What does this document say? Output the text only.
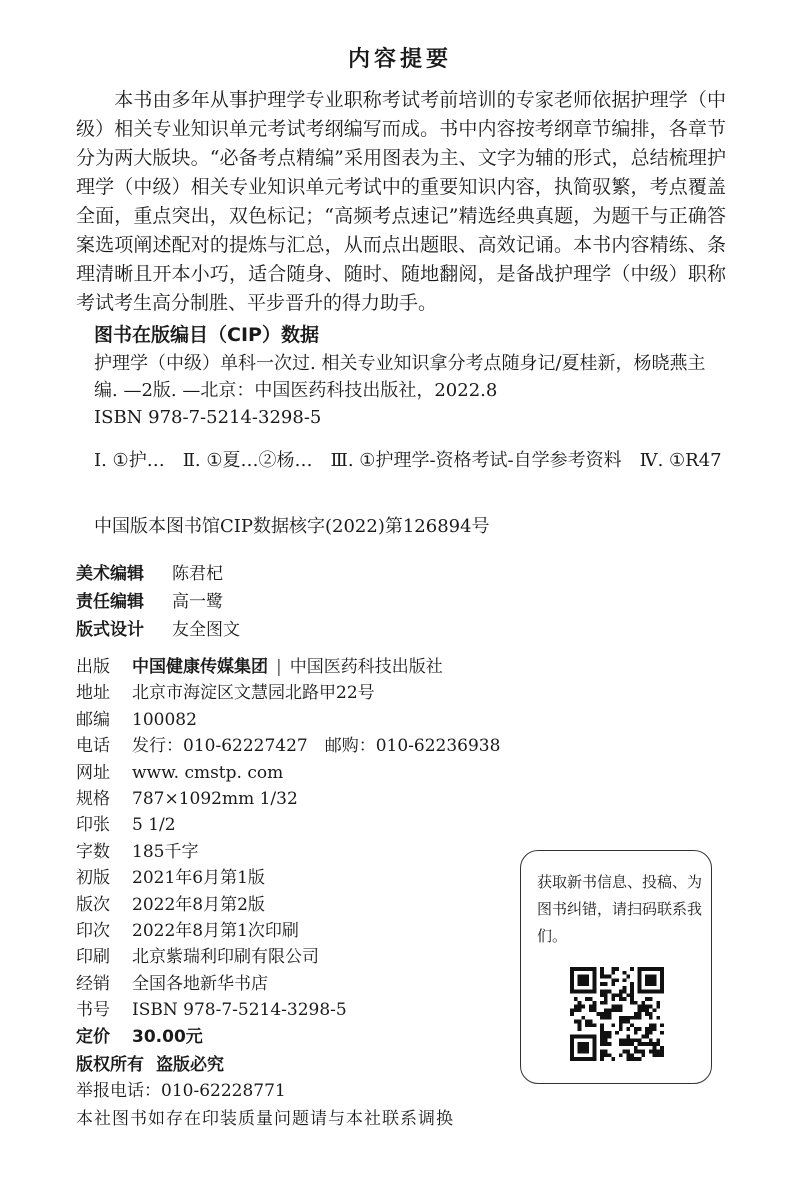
内容提要

　　本书由多年从事护理学专业职称考试考前培训的专家老师依据护理学（中级）相关专业知识单元考试考纲编写而成。书中内容按考纲章节编排，各章节分为两大版块。“必备考点精编”采用图表为主、文字为辅的形式，总结梳理护理学（中级）相关专业知识单元考试中的重要知识内容，执简驭繁，考点覆盖全面，重点突出，双色标记；“高频考点速记”精选经典真题，为题干与正确答案选项阐述配对的提炼与汇总，从而点出题眼、高效记诵。本书内容精练、条理清晰且开本小巧，适合随身、随时、随地翻阅，是备战护理学（中级）职称考试考生高分制胜、平步晋升的得力助手。

图书在版编目（CIP）数据

护理学（中级）单科一次过. 相关专业知识拿分考点随身记/夏桂新，杨晓燕主编. —2版. —北京：中国医药科技出版社，2022.8

ISBN 978-7-5214-3298-5

Ⅰ. ①护…　Ⅱ. ①夏…②杨…　Ⅲ. ①护理学-资格考试-自学参考资料　Ⅳ. ①R47

中国版本图书馆CIP数据核字(2022)第126894号

美术编辑	陈君杞
责任编辑	高一鹭
版式设计	友全图文
出版	中国健康传媒集团 | 中国医药科技出版社
地址	北京市海淀区文慧园北路甲22号
邮编	100082
电话	发行：010-62227427　邮购：010-62236938
网址	www. cmstp. com
规格	787×1092mm 1/32
印张	5 1/2
字数	185千字
初版	2021年6月第1版
版次	2022年8月第2版
印次	2022年8月第1次印刷
印刷	北京紫瑞利印刷有限公司
经销	全国各地新华书店
书号	ISBN 978-7-5214-3298-5
定价	30.00元
版权所有 盗版必究
举报电话：010-62228771
本社图书如存在印装质量问题请与本社联系调换
获取新书信息、投稿、为图书纠错，请扫码联系我们。
